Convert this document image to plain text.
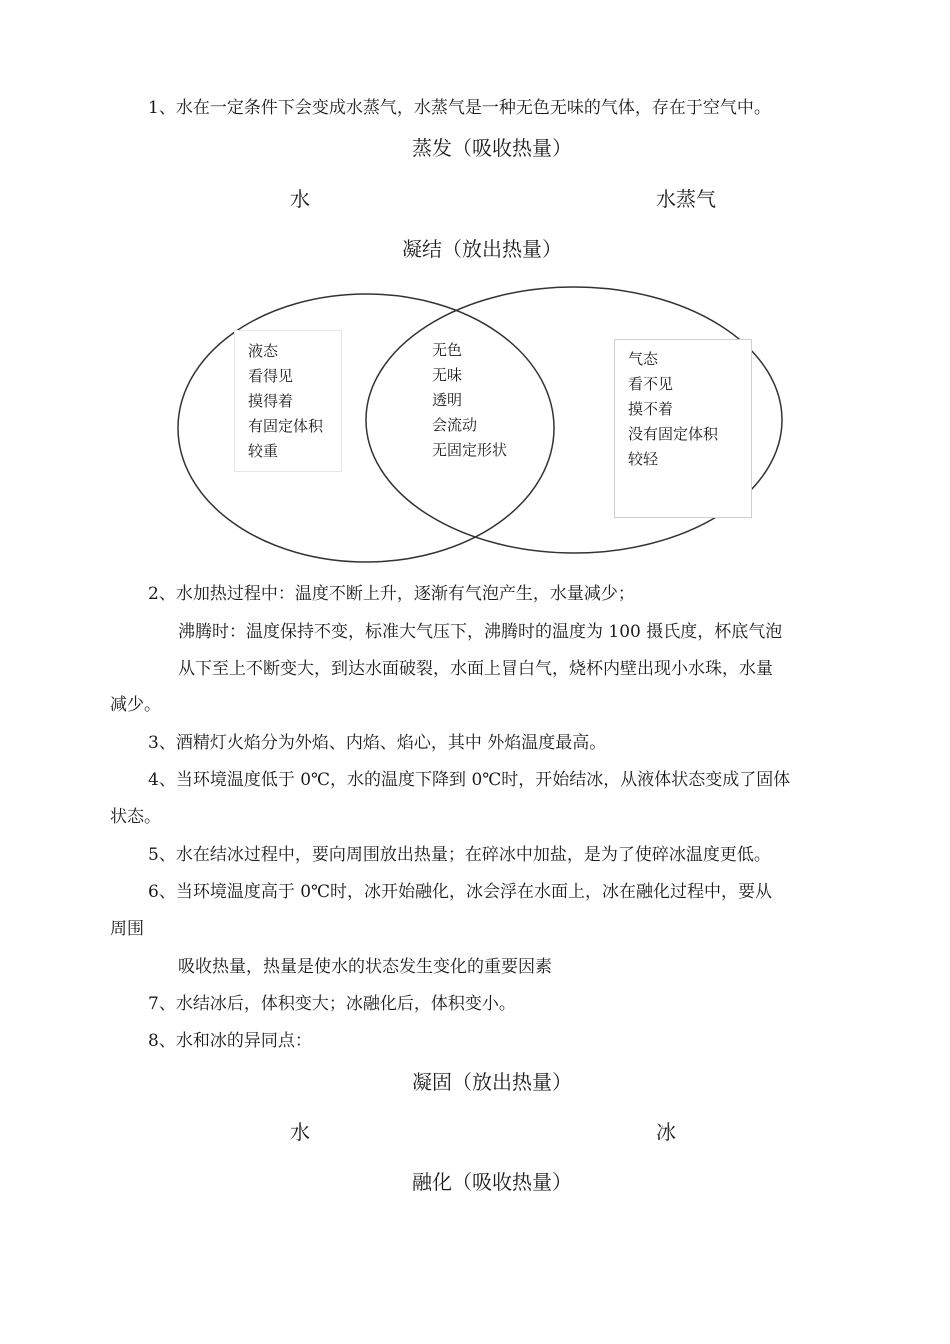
1、水在一定条件下会变成水蒸气，水蒸气是一种无色无味的气体，存在于空气中。
蒸发（吸收热量）
水	水蒸气
凝结（放出热量）
液态
看得见
摸得着
有固定体积
较重
无色
无味
透明
会流动
无固定形状
气态
看不见
摸不着
没有固定体积
较轻
2、水加热过程中：温度不断上升，逐渐有气泡产生，水量减少；
沸腾时：温度保持不变，标准大气压下，沸腾时的温度为 100 摄氏度，杯底气泡
从下至上不断变大，到达水面破裂，水面上冒白气，烧杯内壁出现小水珠，水量
减少。
3、酒精灯火焰分为外焰、内焰、焰心，其中 外焰温度最高。
4、当环境温度低于 0℃，水的温度下降到 0℃时，开始结冰，从液体状态变成了固体
状态。
5、水在结冰过程中，要向周围放出热量；在碎冰中加盐，是为了使碎冰温度更低。
6、当环境温度高于 0℃时，冰开始融化，冰会浮在水面上，冰在融化过程中，要从
周围
吸收热量，热量是使水的状态发生变化的重要因素
7、水结冰后，体积变大；冰融化后，体积变小。
8、水和冰的异同点：
凝固（放出热量）
水	冰
融化（吸收热量）
